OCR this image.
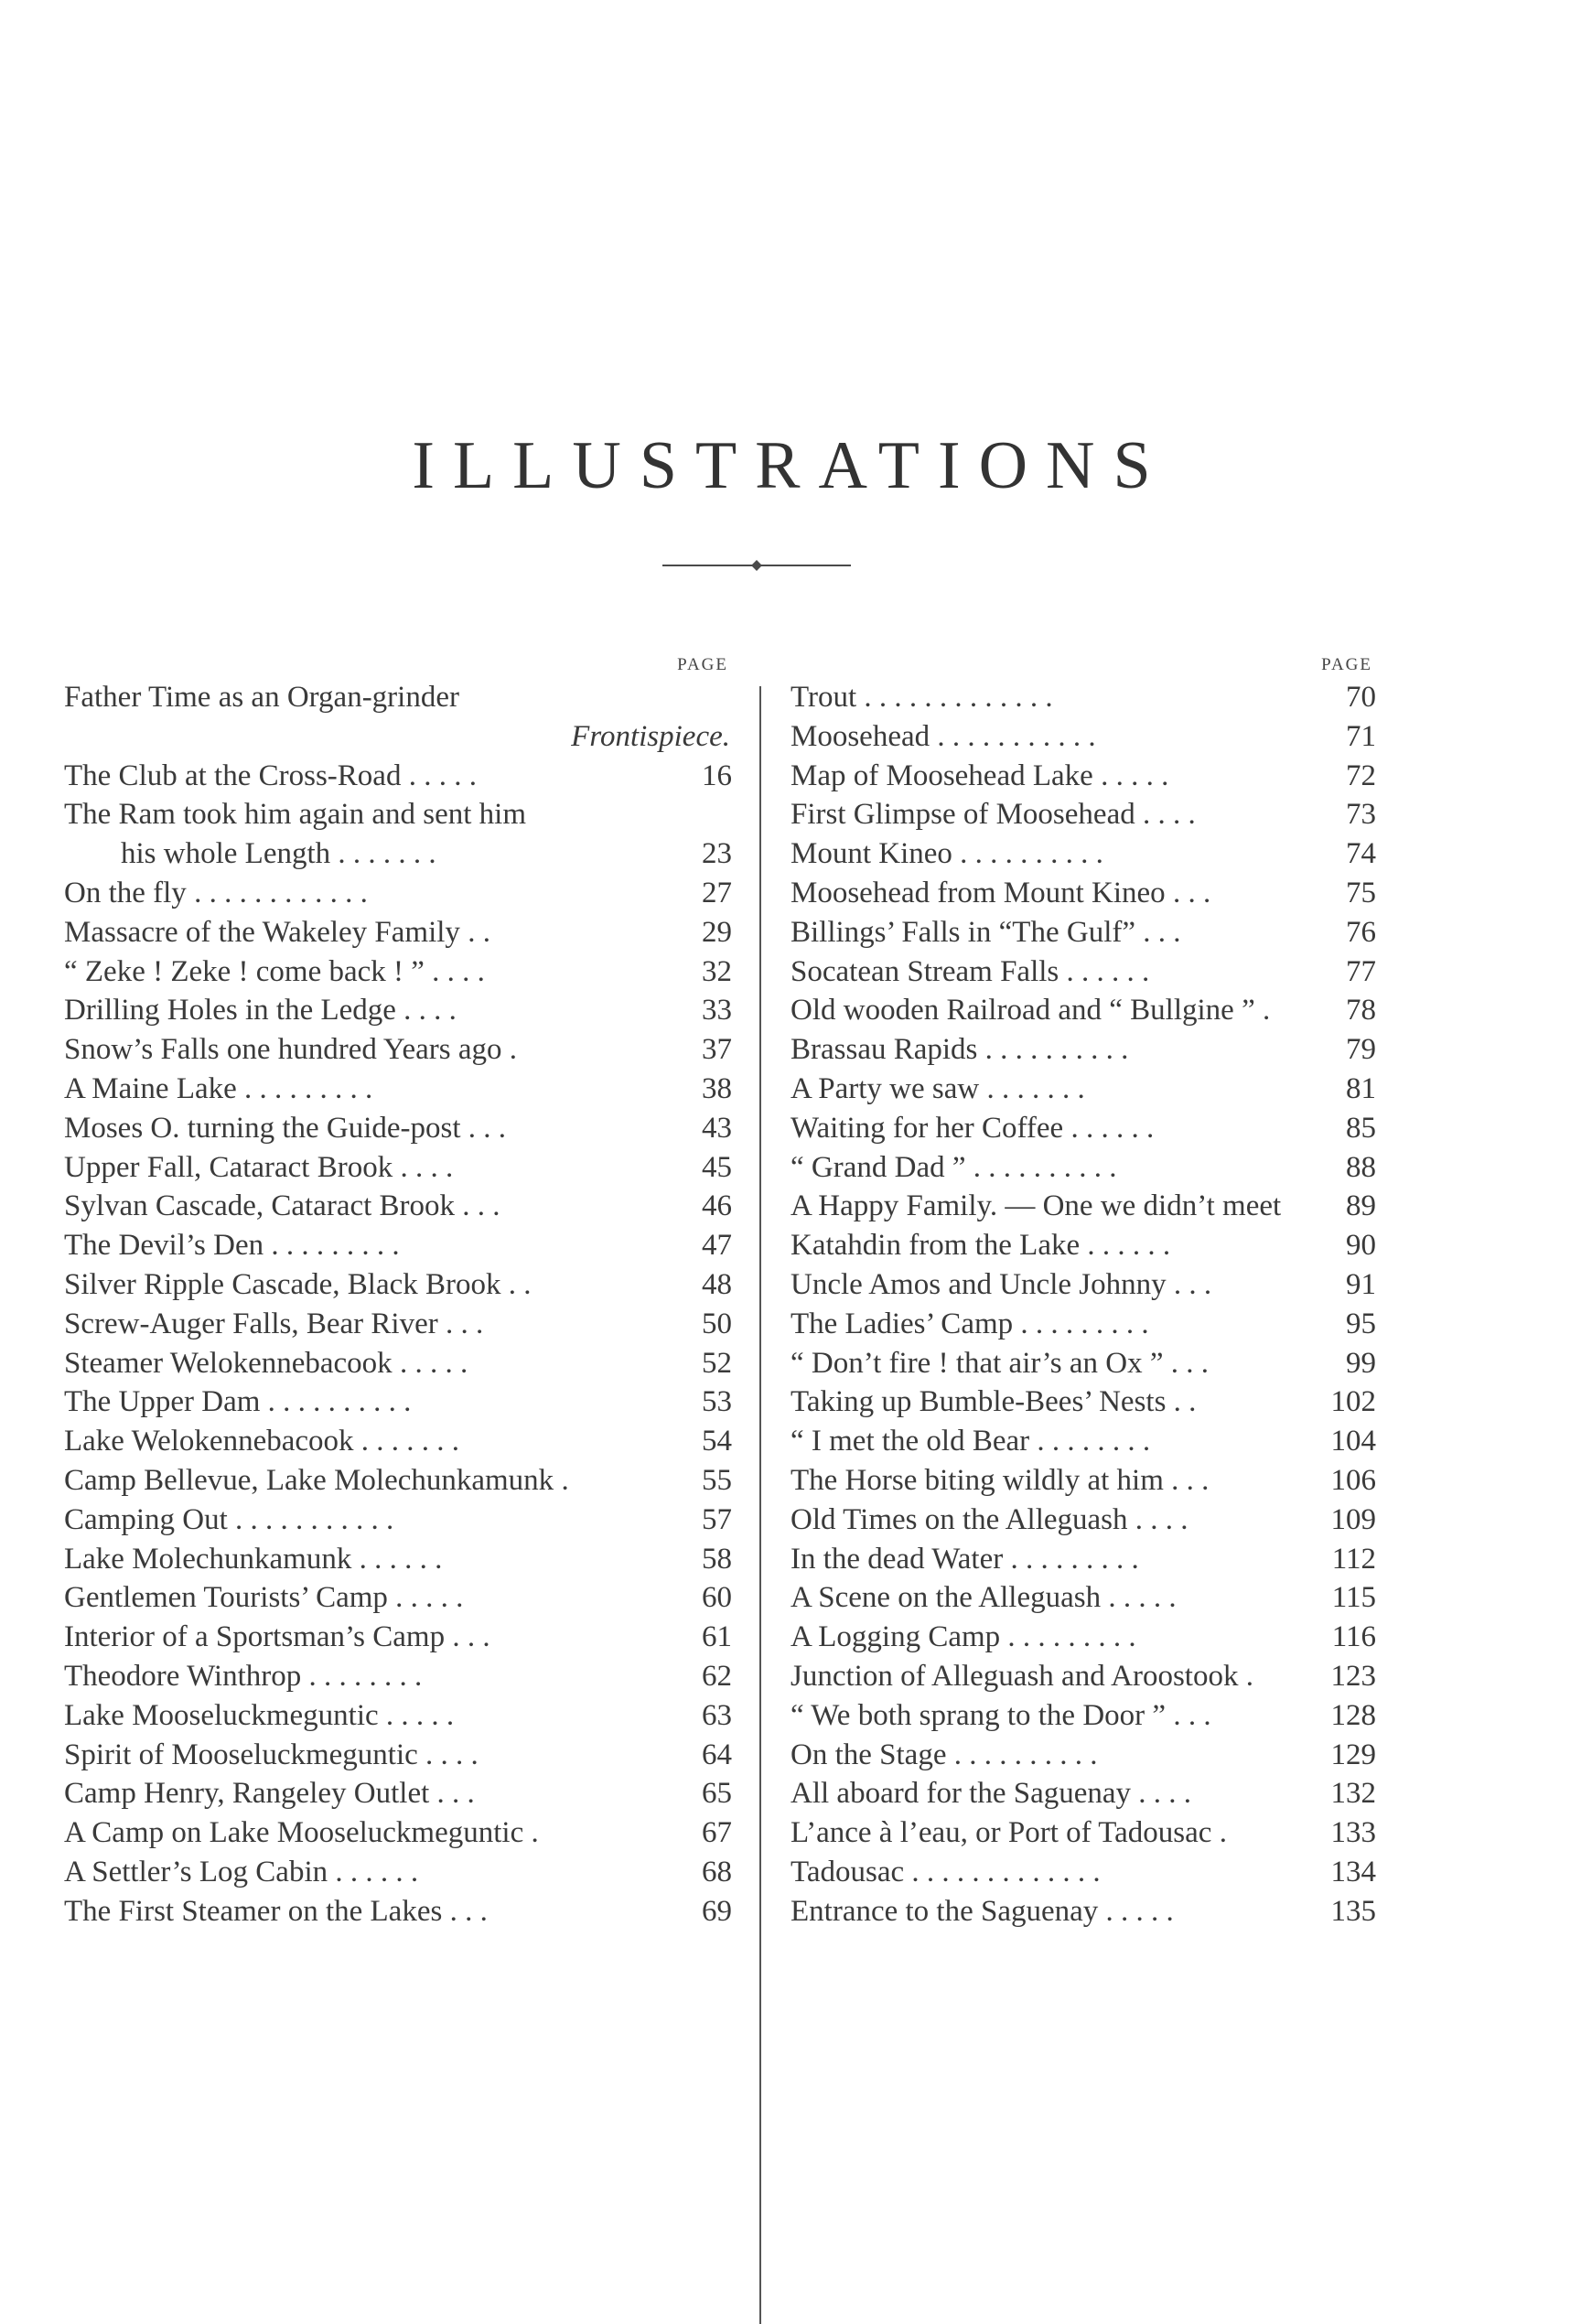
ILLUSTRATIONS
PAGE
Father Time as an Organ-grinder
Frontispiece.
The Club at the Cross-Road . . . . .	16
The Ram took him again and sent him
his whole Length . . . . . . .	23
On the fly . . . . . . . . . . . .	27
Massacre of the Wakeley Family . .	29
“ Zeke ! Zeke ! come back ! ” . . . .	32
Drilling Holes in the Ledge . . . .	33
Snow’s Falls one hundred Years ago .	37
A Maine Lake . . . . . . . . .	38
Moses O. turning the Guide-post . . .	43
Upper Fall, Cataract Brook . . . .	45
Sylvan Cascade, Cataract Brook . . .	46
The Devil’s Den . . . . . . . . .	47
Silver Ripple Cascade, Black Brook . .	48
Screw-Auger Falls, Bear River . . .	50
Steamer Welokennebacook . . . . .	52
The Upper Dam . . . . . . . . . .	53
Lake Welokennebacook . . . . . . .	54
Camp Bellevue, Lake Molechunkamunk .	55
Camping Out . . . . . . . . . . .	57
Lake Molechunkamunk . . . . . .	58
Gentlemen Tourists’ Camp . . . . .	60
Interior of a Sportsman’s Camp . . .	61
Theodore Winthrop . . . . . . . .	62
Lake Mooseluckmeguntic . . . . .	63
Spirit of Mooseluckmeguntic . . . .	64
Camp Henry, Rangeley Outlet . . .	65
A Camp on Lake Mooseluckmeguntic .	67
A Settler’s Log Cabin . . . . . .	68
The First Steamer on the Lakes . . .	69
PAGE
Trout . . . . . . . . . . . . .	70
Moosehead . . . . . . . . . . .	71
Map of Moosehead Lake . . . . .	72
First Glimpse of Moosehead . . . .	73
Mount Kineo . . . . . . . . . .	74
Moosehead from Mount Kineo . . .	75
Billings’ Falls in “The Gulf” . . .	76
Socatean Stream Falls . . . . . .	77
Old wooden Railroad and “ Bullgine ” .	78
Brassau Rapids . . . . . . . . . .	79
A Party we saw . . . . . . .	81
Waiting for her Coffee . . . . . .	85
“ Grand Dad ” . . . . . . . . . .	88
A Happy Family. — One we didn’t meet 89
Katahdin from the Lake . . . . . .	90
Uncle Amos and Uncle Johnny . . .	91
The Ladies’ Camp . . . . . . . . .	95
“ Don’t fire ! that air’s an Ox ” . . .	99
Taking up Bumble-Bees’ Nests . .	102
“ I met the old Bear . . . . . . . .	104
The Horse biting wildly at him . . .	106
Old Times on the Alleguash . . . .	109
In the dead Water . . . . . . . . .	112
A Scene on the Alleguash . . . . .	115
A Logging Camp . . . . . . . . .	116
Junction of Alleguash and Aroostook .	123
“ We both sprang to the Door ” . . .	128
On the Stage . . . . . . . . . .	129
All aboard for the Saguenay . . . .	132
L’ance à l’eau, or Port of Tadousac .	133
Tadousac . . . . . . . . . . . . .	134
Entrance to the Saguenay . . . . .	135
